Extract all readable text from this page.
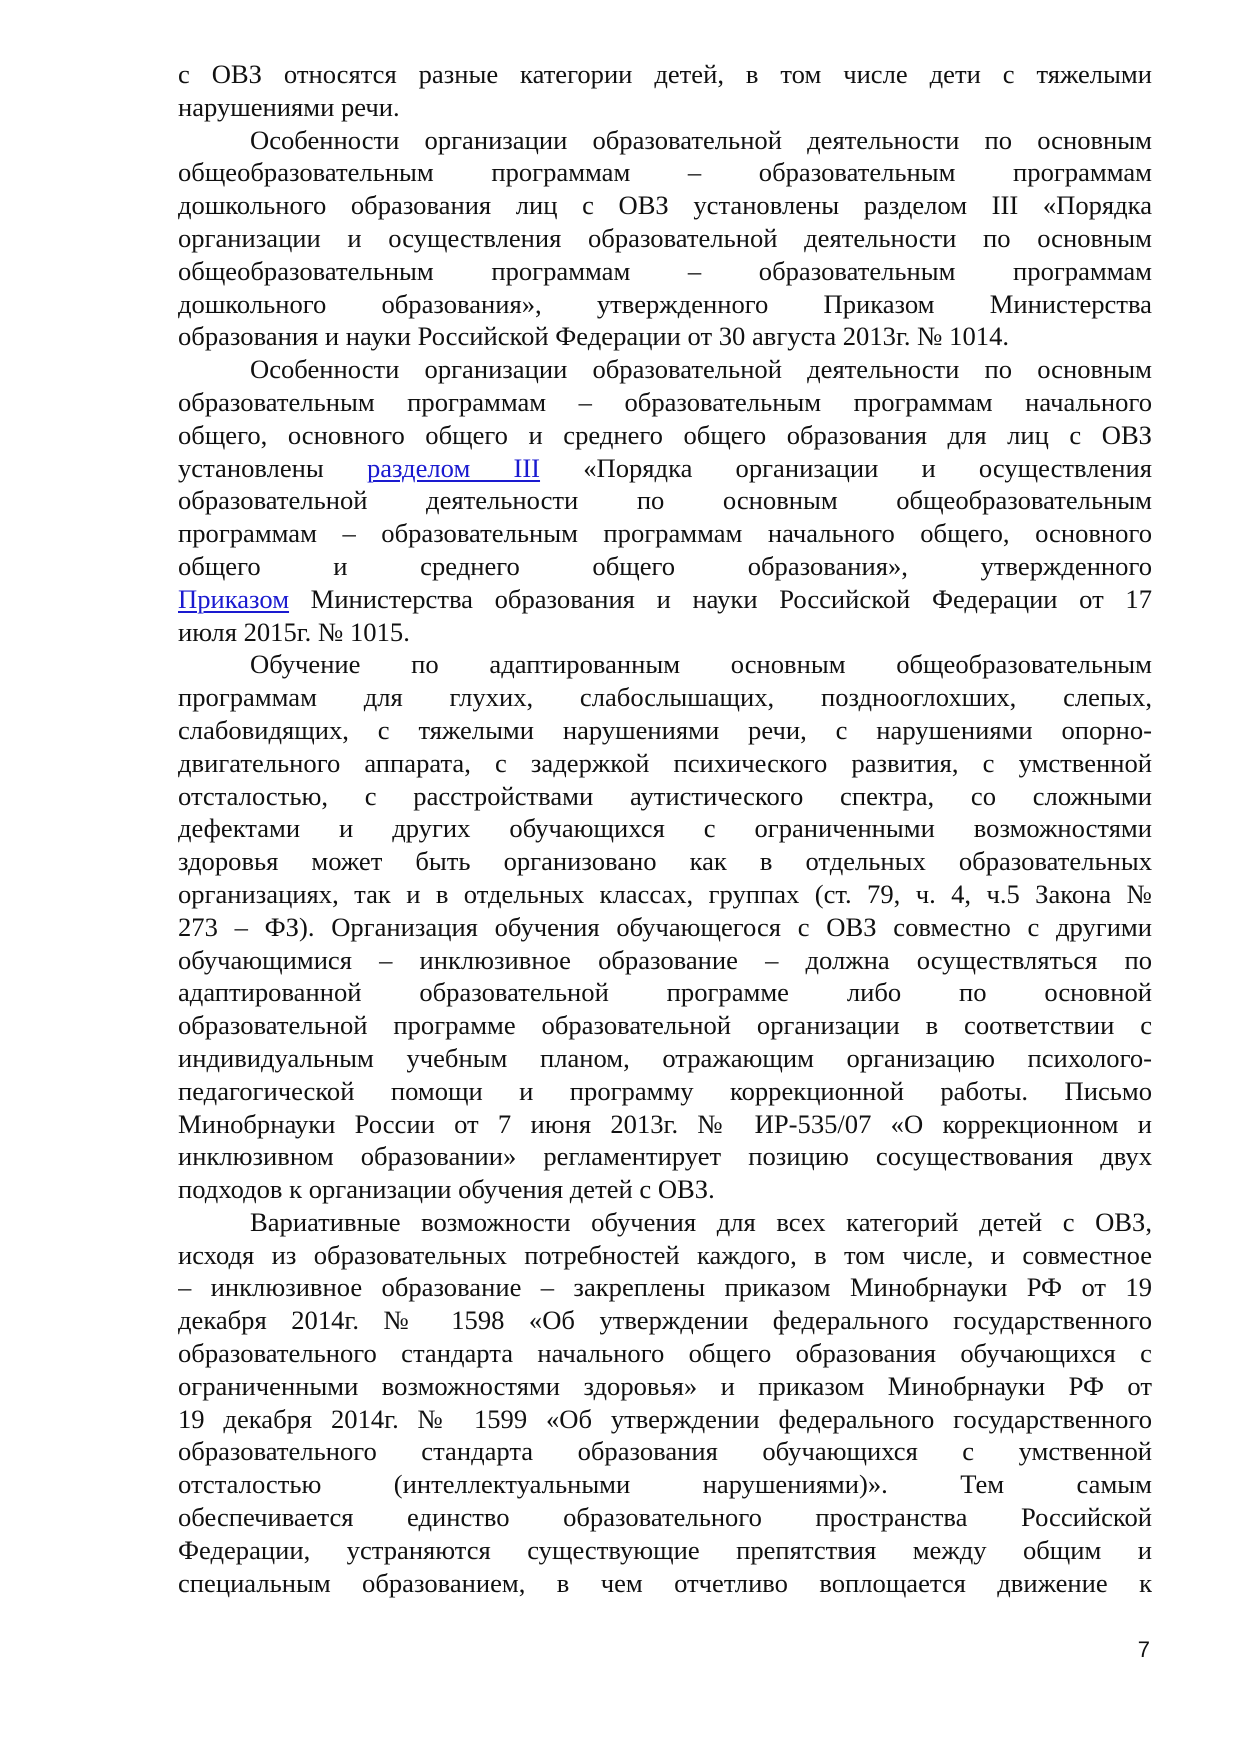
с ОВЗ относятся разные категории детей, в том числе дети с тяжелыми
нарушениями речи.
Особенности организации образовательной деятельности по основным
общеобразовательным программам – образовательным программам
дошкольного образования лиц с ОВЗ установлены разделом III «Порядка
организации и осуществления образовательной деятельности по основным
общеобразовательным программам – образовательным программам
дошкольного образования», утвержденного Приказом Министерства
образования и науки Российской Федерации от 30 августа 2013г. № 1014.
Особенности организации образовательной деятельности по основным
образовательным программам – образовательным программам начального
общего, основного общего и среднего общего образования для лиц с ОВЗ
установлены разделом III «Порядка организации и осуществления
образовательной деятельности по основным общеобразовательным
программам – образовательным программам начального общего, основного
общего и среднего общего образования», утвержденного
Приказом Министерства образования и науки Российской Федерации от 17
июля 2015г. № 1015.
Обучение по адаптированным основным общеобразовательным
программам для глухих, слабослышащих, позднооглохших, слепых,
слабовидящих, с тяжелыми нарушениями речи, с нарушениями опорно-
двигательного аппарата, с задержкой психического развития, с умственной
отсталостью, с расстройствами аутистического спектра, со сложными
дефектами и других обучающихся с ограниченными возможностями
здоровья может быть организовано как в отдельных образовательных
организациях, так и в отдельных классах, группах (ст. 79, ч. 4, ч.5 Закона №
273 – ФЗ). Организация обучения обучающегося с ОВЗ совместно с другими
обучающимися – инклюзивное образование – должна осуществляться по
адаптированной образовательной программе либо по основной
образовательной программе образовательной организации в соответствии с
индивидуальным учебным планом, отражающим организацию психолого-
педагогической помощи и программу коррекционной работы. Письмо
Минобрнауки России от 7 июня 2013г. № ИР-535/07 «О коррекционном и
инклюзивном образовании» регламентирует позицию сосуществования двух
подходов к организации обучения детей с ОВЗ.
Вариативные возможности обучения для всех категорий детей с ОВЗ,
исходя из образовательных потребностей каждого, в том числе, и совместное
– инклюзивное образование – закреплены приказом Минобрнауки РФ от 19
декабря 2014г. № 1598 «Об утверждении федерального государственного
образовательного стандарта начального общего образования обучающихся с
ограниченными возможностями здоровья» и приказом Минобрнауки РФ от
19 декабря 2014г. № 1599 «Об утверждении федерального государственного
образовательного стандарта образования обучающихся с умственной
отсталостью (интеллектуальными нарушениями)». Тем самым
обеспечивается единство образовательного пространства Российской
Федерации, устраняются существующие препятствия между общим и
специальным образованием, в чем отчетливо воплощается движение к
7
